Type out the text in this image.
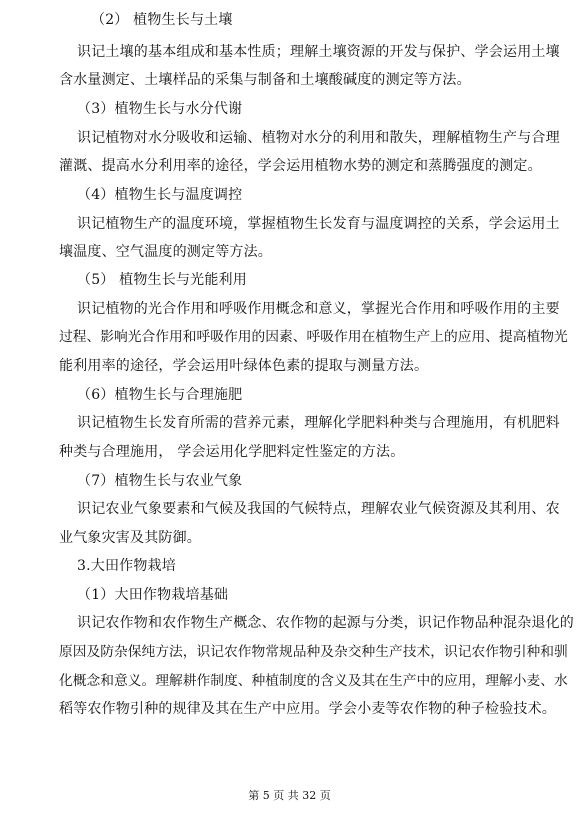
（2） 植物生长与土壤
识记土壤的基本组成和基本性质；理解土壤资源的开发与保护、学会运用土壤
含水量测定、土壤样品的采集与制备和土壤酸碱度的测定等方法。
（3）植物生长与水分代谢
识记植物对水分吸收和运输、植物对水分的利用和散失，理解植物生产与合理
灌溉、提高水分利用率的途径，学会运用植物水势的测定和蒸腾强度的测定。
（4）植物生长与温度调控
识记植物生产的温度环境，掌握植物生长发育与温度调控的关系，学会运用土
壤温度、空气温度的测定等方法。
（5） 植物生长与光能利用
识记植物的光合作用和呼吸作用概念和意义，掌握光合作用和呼吸作用的主要
过程、影响光合作用和呼吸作用的因素、呼吸作用在植物生产上的应用、提高植物光
能利用率的途径，学会运用叶绿体色素的提取与测量方法。
（6）植物生长与合理施肥
识记植物生长发育所需的营养元素，理解化学肥料种类与合理施用，有机肥料
种类与合理施用， 学会运用化学肥料定性鉴定的方法。
（7）植物生长与农业气象
识记农业气象要素和气候及我国的气候特点，理解农业气候资源及其利用、农
业气象灾害及其防御。
3.大田作物栽培
（1）大田作物栽培基础
识记农作物和农作物生产概念、农作物的起源与分类，识记作物品种混杂退化的
原因及防杂保纯方法，识记农作物常规品种及杂交种生产技术，识记农作物引种和驯
化概念和意义。理解耕作制度、种植制度的含义及其在生产中的应用，理解小麦、水
稻等农作物引种的规律及其在生产中应用。学会小麦等农作物的种子检验技术。
第 5 页 共 32 页
